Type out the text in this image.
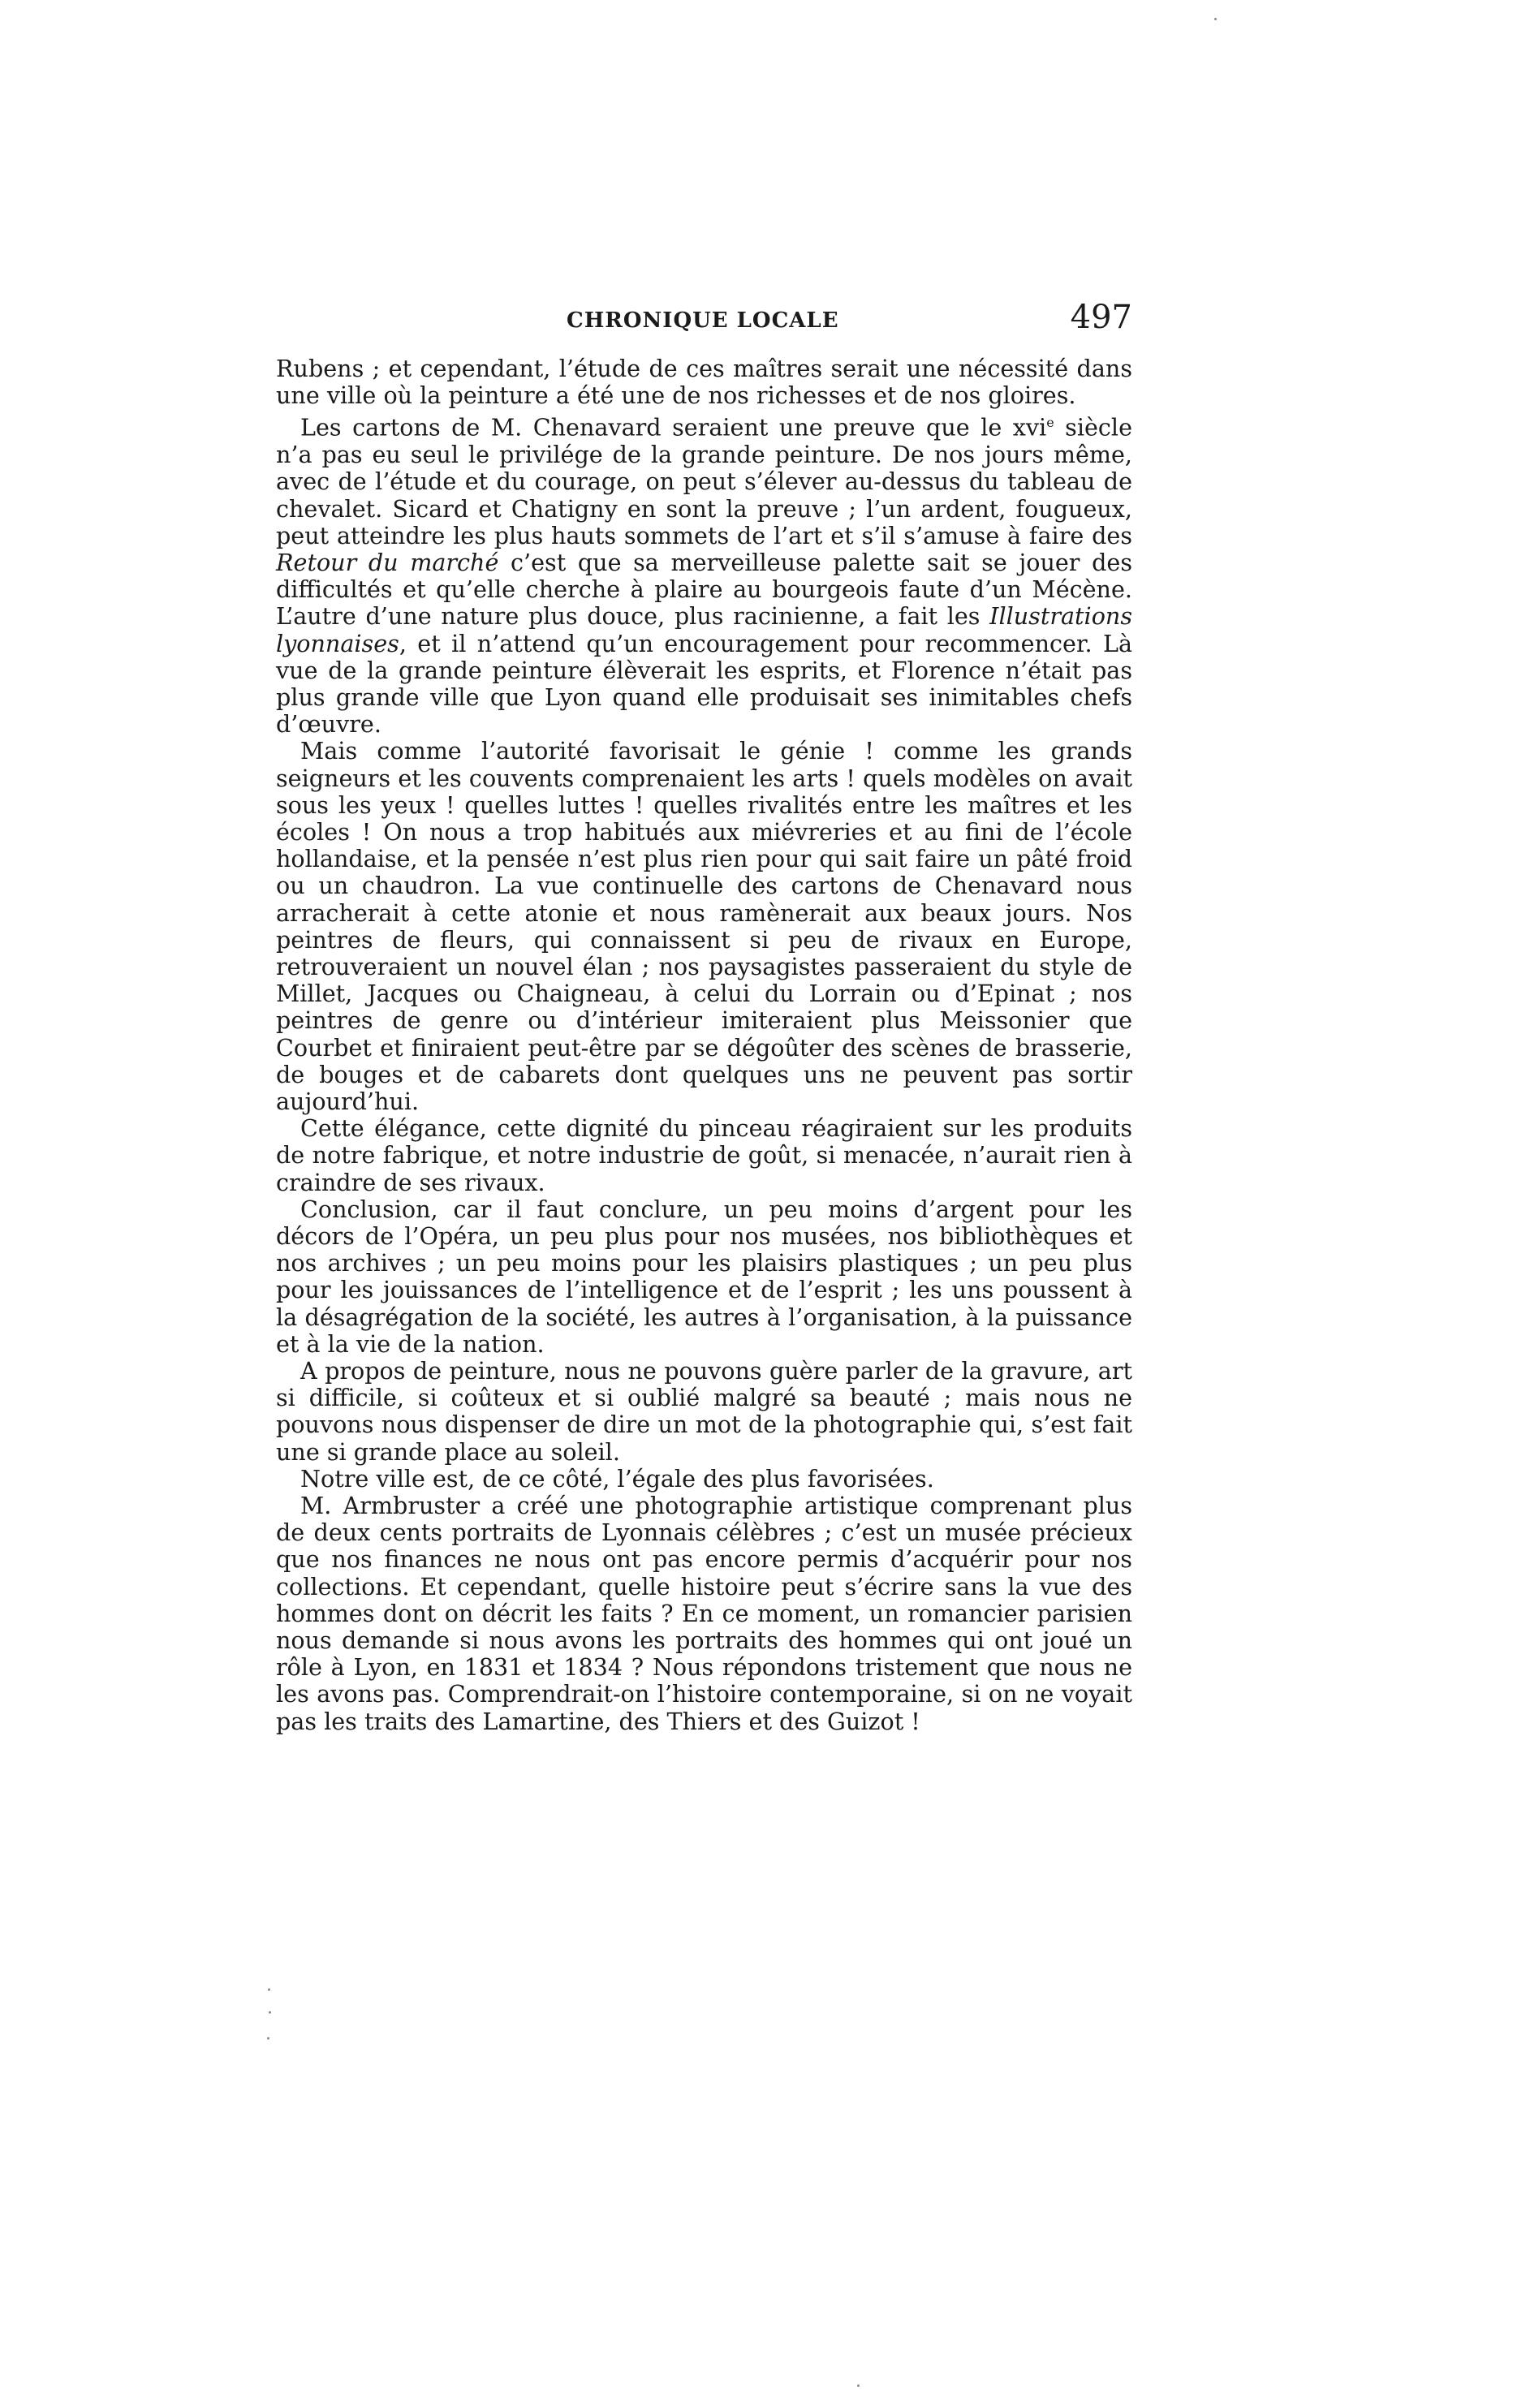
CHRONIQUE LOCALE	497

Rubens ; et cependant, l’étude de ces maîtres serait une nécessité dans une ville où la peinture a été une de nos richesses et de nos gloires.

Les cartons de M. Chenavard seraient une preuve que le xvi$^e$ siècle n’a pas eu seul le privilége de la grande peinture. De nos jours même, avec de l’étude et du courage, on peut s’élever au-dessus du tableau de chevalet. Sicard et Chatigny en sont la preuve ; l’un ardent, fougueux, peut atteindre les plus hauts sommets de l’art et s’il s’amuse à faire des Retour du marché c’est que sa merveilleuse palette sait se jouer des difficultés et qu’elle cherche à plaire au bourgeois faute d’un Mécène. L’autre d’une nature plus douce, plus racinienne, a fait les Illustrations lyonnaises, et il n’attend qu’un encouragement pour recommencer. Là vue de la grande peinture élèverait les esprits, et Florence n’était pas plus grande ville que Lyon quand elle produisait ses inimitables chefs d’œuvre.

Mais comme l’autorité favorisait le génie ! comme les grands seigneurs et les couvents comprenaient les arts ! quels modèles on avait sous les yeux ! quelles luttes ! quelles rivalités entre les maîtres et les écoles ! On nous a trop habitués aux miévreries et au fini de l’école hollandaise, et la pensée n’est plus rien pour qui sait faire un pâté froid ou un chaudron. La vue continuelle des cartons de Chenavard nous arracherait à cette atonie et nous ramènerait aux beaux jours. Nos peintres de fleurs, qui connaissent si peu de rivaux en Europe, retrouveraient un nouvel élan ; nos paysagistes passeraient du style de Millet, Jacques ou Chaigneau, à celui du Lorrain ou d’Epinat ; nos peintres de genre ou d’intérieur imiteraient plus Meissonier que Courbet et finiraient peut-être par se dégoûter des scènes de brasserie, de bouges et de cabarets dont quelques uns ne peuvent pas sortir aujourd’hui.

Cette élégance, cette dignité du pinceau réagiraient sur les produits de notre fabrique, et notre industrie de goût, si menacée, n’aurait rien à craindre de ses rivaux.

Conclusion, car il faut conclure, un peu moins d’argent pour les décors de l’Opéra, un peu plus pour nos musées, nos bibliothèques et nos archives ; un peu moins pour les plaisirs plastiques ; un peu plus pour les jouissances de l’intelligence et de l’esprit ; les uns poussent à la désagrégation de la société, les autres à l’organisation, à la puissance et à la vie de la nation.

A propos de peinture, nous ne pouvons guère parler de la gravure, art si difficile, si coûteux et si oublié malgré sa beauté ; mais nous ne pouvons nous dispenser de dire un mot de la photographie qui, s’est fait une si grande place au soleil.

Notre ville est, de ce côté, l’égale des plus favorisées.

M. Armbruster a créé une photographie artistique comprenant plus de deux cents portraits de Lyonnais célèbres ; c’est un musée précieux que nos finances ne nous ont pas encore permis d’acquérir pour nos collections. Et cependant, quelle histoire peut s’écrire sans la vue des hommes dont on décrit les faits ? En ce moment, un romancier parisien nous demande si nous avons les portraits des hommes qui ont joué un rôle à Lyon, en 1831 et 1834 ? Nous répondons tristement que nous ne les avons pas. Comprendrait-on l’histoire contemporaine, si on ne voyait pas les traits des Lamartine, des Thiers et des Guizot !
